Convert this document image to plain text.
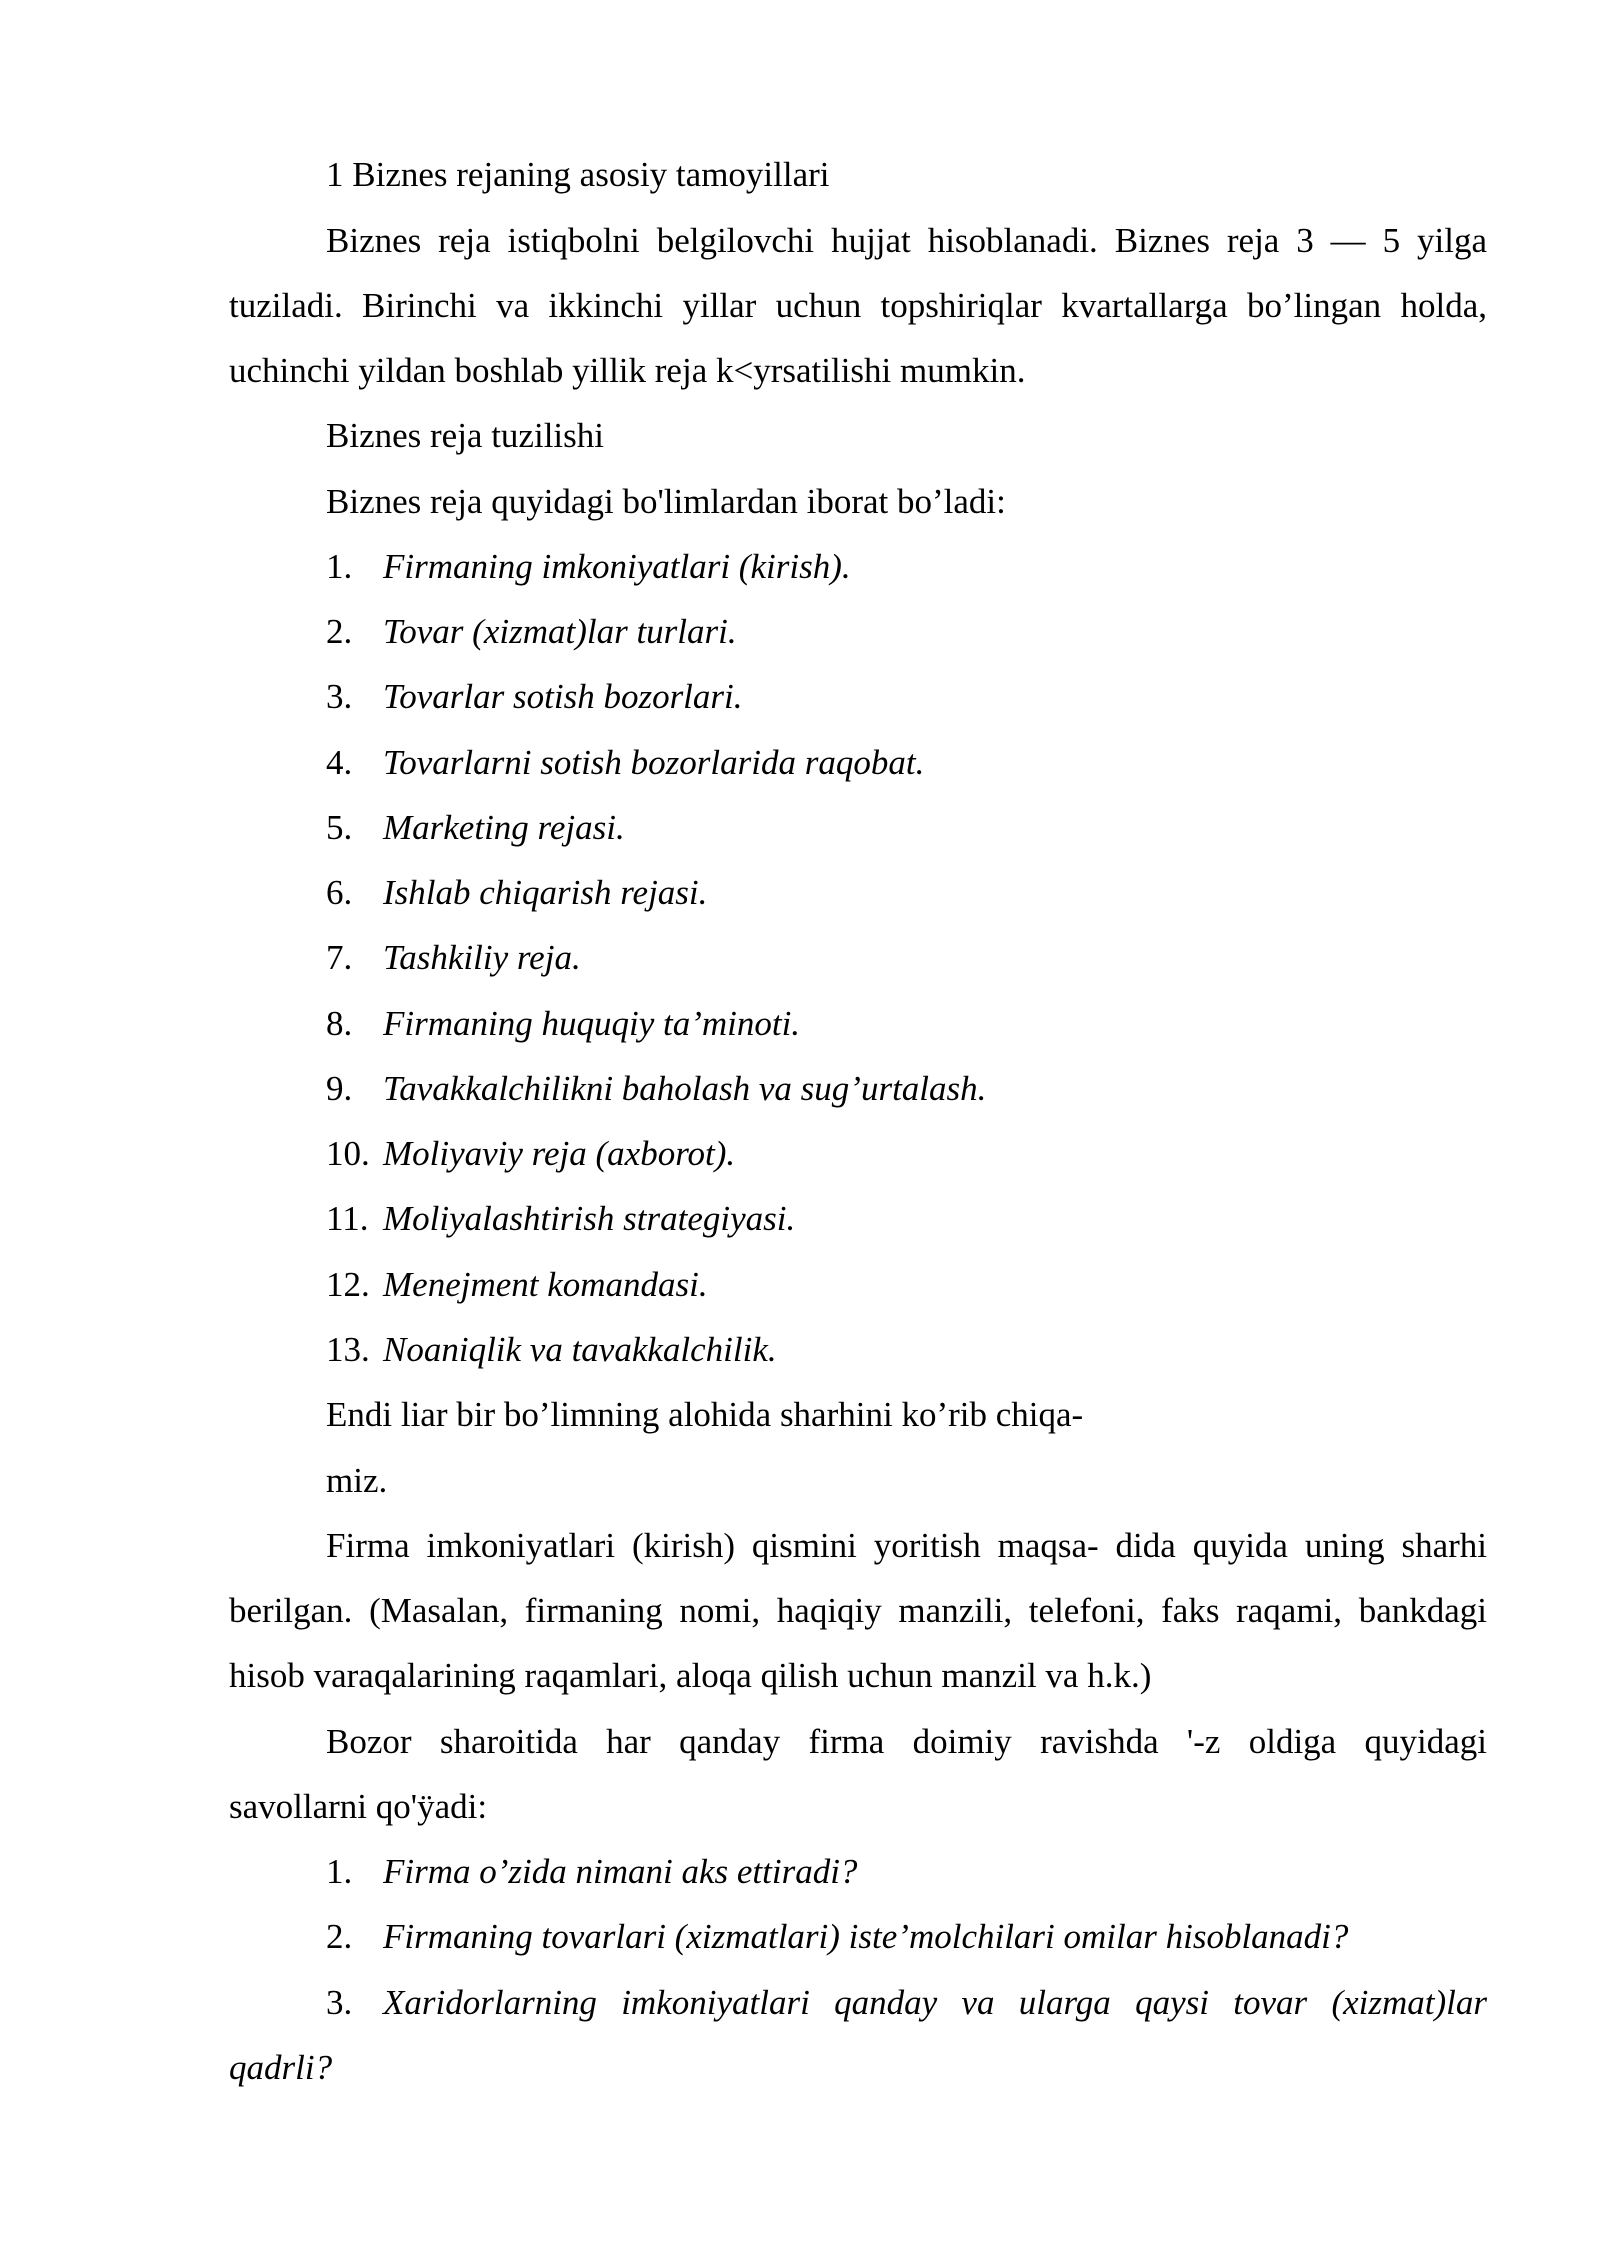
1 Biznes rejaning asosiy tamoyillari
Biznes reja istiqbolni belgilovchi hujjat hisoblanadi. Biznes reja 3 — 5 yilga
tuziladi. Birinchi va ikkinchi yillar uchun topshiriqlar kvartallarga bo’lingan holda,
uchinchi yildan boshlab yillik reja k<yrsatilishi mumkin.
Biznes reja tuzilishi
Biznes reja quyidagi bo'limlardan iborat bo’ladi:
1. Firmaning imkoniyatlari (kirish).
2. Tovar (xizmat)lar turlari.
3. Tovarlar sotish bozorlari.
4. Tovarlarni sotish bozorlarida raqobat.
5. Marketing rejasi.
6. Ishlab chiqarish rejasi.
7. Tashkiliy reja.
8. Firmaning huquqiy ta’minoti.
9. Tavakkalchilikni baholash va sug’urtalash.
10. Moliyaviy reja (axborot).
11. Moliyalashtirish strategiyasi.
12. Menejment komandasi.
13. Noaniqlik va tavakkalchilik.
Endi liar bir bo’limning alohida sharhini ko’rib chiqa-
miz.
Firma imkoniyatlari (kirish) qismini yoritish maqsa- dida quyida uning sharhi
berilgan. (Masalan, firmaning nomi, haqiqiy manzili, telefoni, faks raqami, bankdagi
hisob varaqalarining raqamlari, aloqa qilish uchun manzil va h.k.)
Bozor sharoitida har qanday firma doimiy ravishda '-z oldiga quyidagi
savollarni qo'ÿadi:
1. Firma o’zida nimani aks ettiradi?
2. Firmaning tovarlari (xizmatlari) iste’molchilari omilar hisoblanadi?
3. Xaridorlarning imkoniyatlari qanday va ularga qaysi tovar (xizmat)lar
qadrli?
